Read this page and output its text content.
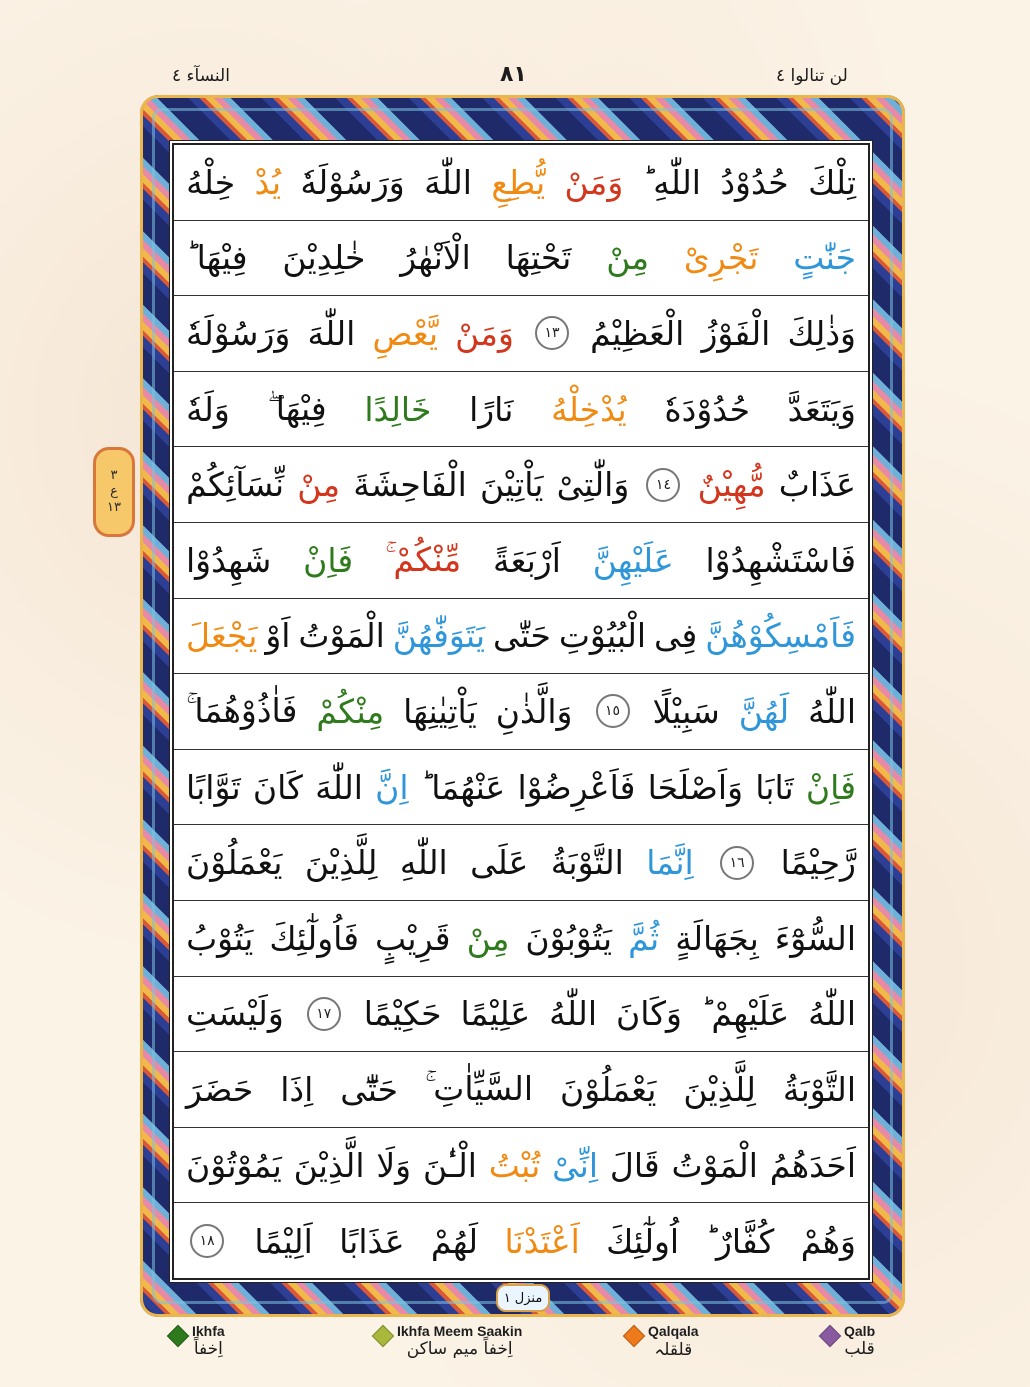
النسآء ٤	٨١	لن تنالوا ٤
٣
ع
١٣
تِلْكَ
حُدُوْدُ
اللّٰهِ ؕ
وَمَنْ
يُّطِعِ
اللّٰهَ
وَرَسُوْلَهٗ
يُدْ
خِلْهُ
جَنّٰتٍ
تَجْرِىْ
مِنْ
تَحْتِهَا
الْاَنْهٰرُ
خٰلِدِيْنَ
فِيْهَا ؕ
وَذٰلِكَ
الْفَوْزُ
الْعَظِيْمُ
١٣
وَمَنْ
يَّعْصِ
اللّٰهَ
وَرَسُوْلَهٗ
وَيَتَعَدَّ
حُدُوْدَهٗ
يُدْخِلْهُ
نَارًا
خَالِدًا
فِيْهَا ۖ
وَلَهٗ
عَذَابٌ
مُّهِيْنٌ
١٤
وَالّٰتِىْ
يَاْتِيْنَ
الْفَاحِشَةَ
مِنْ
نِّسَآئِكُمْ
فَاسْتَشْهِدُوْا
عَلَيْهِنَّ
اَرْبَعَةً
مِّنْكُمْ ۚ
فَاِنْ
شَهِدُوْا
فَاَمْسِكُوْهُنَّ
فِى
الْبُيُوْتِ
حَتّٰى
يَتَوَفّٰهُنَّ
الْمَوْتُ
اَوْ
يَجْعَلَ
اللّٰهُ
لَهُنَّ
سَبِيْلًا
١٥
وَالَّذٰنِ
يَاْتِيٰنِهَا
مِنْكُمْ
فَاٰذُوْهُمَا ۚ
فَاِنْ
تَابَا
وَاَصْلَحَا
فَاَعْرِضُوْا
عَنْهُمَا ؕ
اِنَّ
اللّٰهَ
كَانَ
تَوَّابًا
رَّحِيْمًا
١٦
اِنَّمَا
التَّوْبَةُ
عَلَى
اللّٰهِ
لِلَّذِيْنَ
يَعْمَلُوْنَ
السُّوْٓءَ
بِجَهَالَةٍ
ثُمَّ
يَتُوْبُوْنَ
مِنْ
قَرِيْبٍ
فَاُولٰٓئِكَ
يَتُوْبُ
اللّٰهُ
عَلَيْهِمْ ؕ
وَكَانَ
اللّٰهُ
عَلِيْمًا
حَكِيْمًا
١٧
وَلَيْسَتِ
التَّوْبَةُ
لِلَّذِيْنَ
يَعْمَلُوْنَ
السَّيِّاٰتِ ۚ
حَتّٰٓى
اِذَا
حَضَرَ
اَحَدَهُمُ
الْمَوْتُ
قَالَ
اِنِّىْ
تُبْتُ
الْـٰٔنَ
وَلَا
الَّذِيْنَ
يَمُوْتُوْنَ
وَهُمْ
كُفَّارٌ ؕ
اُولٰٓئِكَ
اَعْتَدْنَا
لَهُمْ
عَذَابًا
اَلِيْمًا
١٨
منزل ١
Ikhfa
اِخفاً
Ikhfa Meem Saakin
اِخفاً میم ساکن
Qalqala
قلقلہ
Qalb
قلب
